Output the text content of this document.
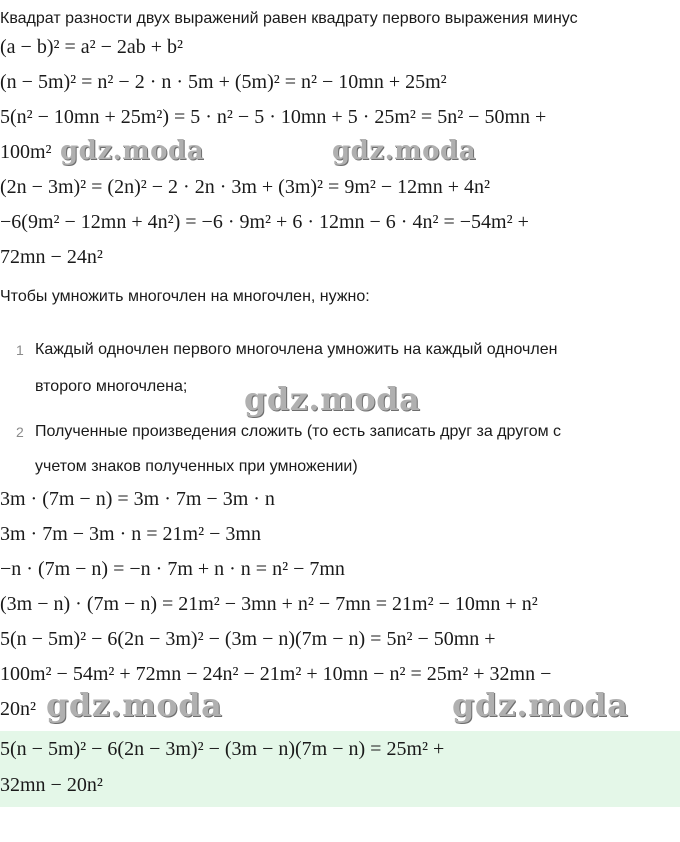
Квадрат разности двух выражений равен квадрату первого выражения минус
(a − b)² = a² − 2ab + b²
(n − 5m)² = n² − 2 · n · 5m + (5m)² = n² − 10mn + 25m²
5(n² − 10mn + 25m²) = 5 · n² − 5 · 10mn + 5 · 25m² = 5n² − 50mn +
100m² gdz.moda	gdz.moda
(2n − 3m)² = (2n)² − 2 · 2n · 3m + (3m)² = 9m² − 12mn + 4n²
−6(9m² − 12mn + 4n²) = −6 · 9m² + 6 · 12mn − 6 · 4n² = −54m² +
72mn − 24n²
Чтобы умножить многочлен на многочлен, нужно:
1 Каждый одночлен первого многочлена умножить на каждый одночлен
второго многочлена; gdz.moda
2 Полученные произведения сложить (то есть записать друг за другом с
учетом знаков полученных при умножении)
3m · (7m − n) = 3m · 7m − 3m · n
3m · 7m − 3m · n = 21m² − 3mn
−n · (7m − n) = −n · 7m + n · n = n² − 7mn
(3m − n) · (7m − n) = 21m² − 3mn + n² − 7mn = 21m² − 10mn + n²
5(n − 5m)² − 6(2n − 3m)² − (3m − n)(7m − n) = 5n² − 50mn +
100m² − 54m² + 72mn − 24n² − 21m² + 10mn − n² = 25m² + 32mn −
20n² gdz.moda	gdz.moda
5(n − 5m)² − 6(2n − 3m)² − (3m − n)(7m − n) = 25m² +
32mn − 20n²
